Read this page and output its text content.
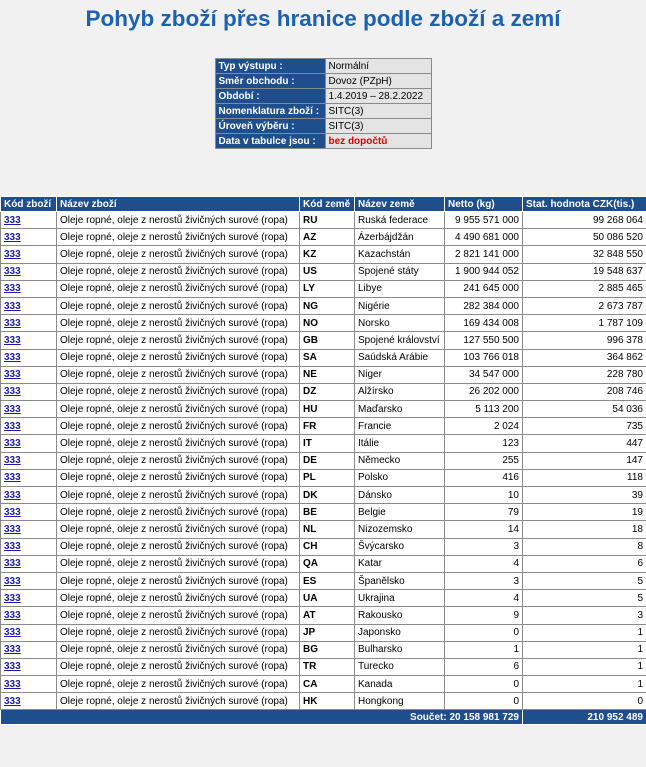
Pohyb zboží přes hranice podle zboží a zemí
Typ výstupu :	Normální
Směr obchodu :	Dovoz (PZpH)
Období :	1.4.2019 – 28.2.2022
Nomenklatura zboží :	SITC(3)
Úroveň výběru :	SITC(3)
Data v tabulce jsou :	bez dopočtů
Kód zboží	Název zboží	Kód země	Název země	Netto (kg)	Stat. hodnota CZK(tis.)
333	Oleje ropné, oleje z nerostů živičných surové (ropa)	RU	Ruská federace	9 955 571 000	99 268 064
333	Oleje ropné, oleje z nerostů živičných surové (ropa)	AZ	Ázerbájdžán	4 490 681 000	50 086 520
333	Oleje ropné, oleje z nerostů živičných surové (ropa)	KZ	Kazachstán	2 821 141 000	32 848 550
333	Oleje ropné, oleje z nerostů živičných surové (ropa)	US	Spojené státy	1 900 944 052	19 548 637
333	Oleje ropné, oleje z nerostů živičných surové (ropa)	LY	Libye	241 645 000	2 885 465
333	Oleje ropné, oleje z nerostů živičných surové (ropa)	NG	Nigérie	282 384 000	2 673 787
333	Oleje ropné, oleje z nerostů živičných surové (ropa)	NO	Norsko	169 434 008	1 787 109
333	Oleje ropné, oleje z nerostů živičných surové (ropa)	GB	Spojené království	127 550 500	996 378
333	Oleje ropné, oleje z nerostů živičných surové (ropa)	SA	Saúdská Arábie	103 766 018	364 862
333	Oleje ropné, oleje z nerostů živičných surové (ropa)	NE	Niger	34 547 000	228 780
333	Oleje ropné, oleje z nerostů živičných surové (ropa)	DZ	Alžírsko	26 202 000	208 746
333	Oleje ropné, oleje z nerostů živičných surové (ropa)	HU	Maďarsko	5 113 200	54 036
333	Oleje ropné, oleje z nerostů živičných surové (ropa)	FR	Francie	2 024	735
333	Oleje ropné, oleje z nerostů živičných surové (ropa)	IT	Itálie	123	447
333	Oleje ropné, oleje z nerostů živičných surové (ropa)	DE	Německo	255	147
333	Oleje ropné, oleje z nerostů živičných surové (ropa)	PL	Polsko	416	118
333	Oleje ropné, oleje z nerostů živičných surové (ropa)	DK	Dánsko	10	39
333	Oleje ropné, oleje z nerostů živičných surové (ropa)	BE	Belgie	79	19
333	Oleje ropné, oleje z nerostů živičných surové (ropa)	NL	Nizozemsko	14	18
333	Oleje ropné, oleje z nerostů živičných surové (ropa)	CH	Švýcarsko	3	8
333	Oleje ropné, oleje z nerostů živičných surové (ropa)	QA	Katar	4	6
333	Oleje ropné, oleje z nerostů živičných surové (ropa)	ES	Španělsko	3	5
333	Oleje ropné, oleje z nerostů živičných surové (ropa)	UA	Ukrajina	4	5
333	Oleje ropné, oleje z nerostů živičných surové (ropa)	AT	Rakousko	9	3
333	Oleje ropné, oleje z nerostů živičných surové (ropa)	JP	Japonsko	0	1
333	Oleje ropné, oleje z nerostů živičných surové (ropa)	BG	Bulharsko	1	1
333	Oleje ropné, oleje z nerostů živičných surové (ropa)	TR	Turecko	6	1
333	Oleje ropné, oleje z nerostů živičných surové (ropa)	CA	Kanada	0	1
333	Oleje ropné, oleje z nerostů živičných surové (ropa)	HK	Hongkong	0	0
Součet: 20 158 981 729					210 952 489
